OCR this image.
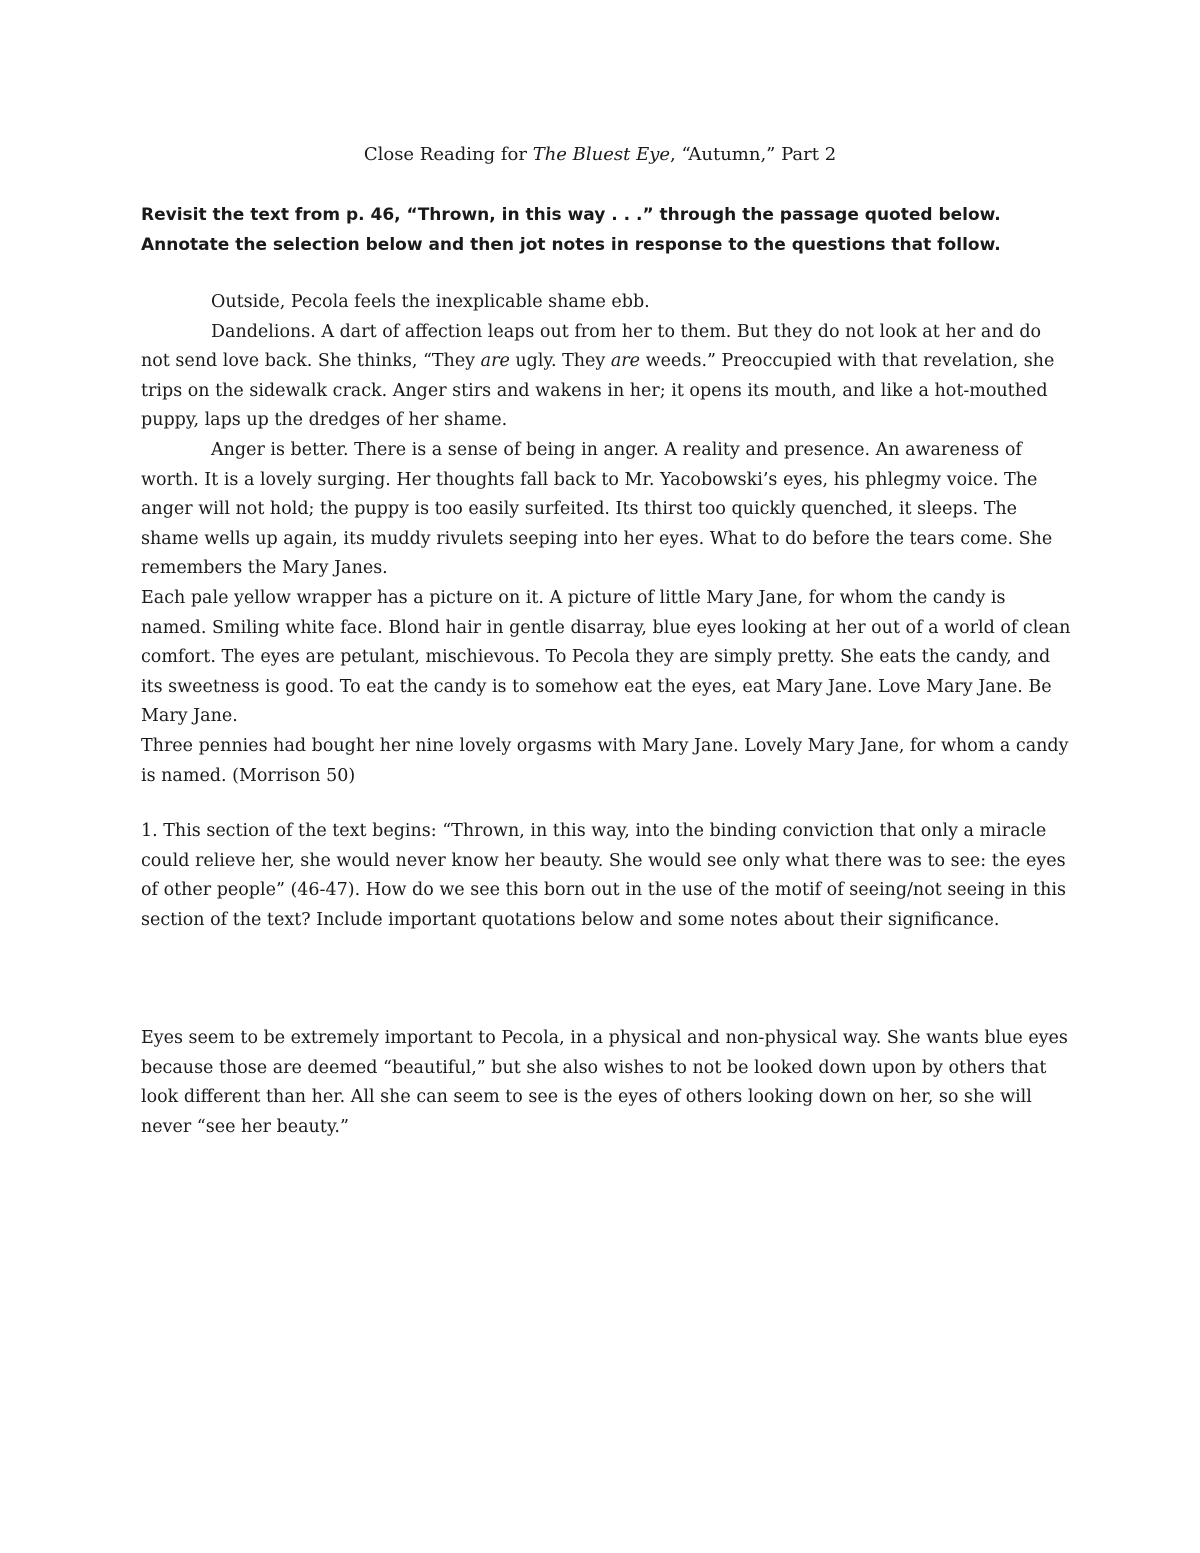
Close Reading for The Bluest Eye, “Autumn,” Part 2
Revisit the text from p. 46, “Thrown, in this way . . .” through the passage quoted below. Annotate the selection below and then jot notes in response to the questions that follow.

Outside, Pecola feels the inexplicable shame ebb.

Dandelions. A dart of affection leaps out from her to them. But they do not look at her and do not send love back. She thinks, “They are ugly. They are weeds.” Preoccupied with that revelation, she trips on the sidewalk crack. Anger stirs and wakens in her; it opens its mouth, and like a hot-mouthed puppy, laps up the dredges of her shame.

Anger is better. There is a sense of being in anger. A reality and presence. An awareness of worth. It is a lovely surging. Her thoughts fall back to Mr. Yacobowski’s eyes, his phlegmy voice. The anger will not hold; the puppy is too easily surfeited. Its thirst too quickly quenched, it sleeps. The shame wells up again, its muddy rivulets seeping into her eyes. What to do before the tears come. She remembers the Mary Janes.

Each pale yellow wrapper has a picture on it. A picture of little Mary Jane, for whom the candy is named. Smiling white face. Blond hair in gentle disarray, blue eyes looking at her out of a world of clean comfort. The eyes are petulant, mischievous. To Pecola they are simply pretty. She eats the candy, and its sweetness is good. To eat the candy is to somehow eat the eyes, eat Mary Jane. Love Mary Jane. Be Mary Jane.

Three pennies had bought her nine lovely orgasms with Mary Jane. Lovely Mary Jane, for whom a candy is named. (Morrison 50)

1. This section of the text begins: “Thrown, in this way, into the binding conviction that only a miracle could relieve her, she would never know her beauty. She would see only what there was to see: the eyes of other people” (46-47). How do we see this born out in the use of the motif of seeing/not seeing in this section of the text? Include important quotations below and some notes about their significance.
Eyes seem to be extremely important to Pecola, in a physical and non-physical way. She wants blue eyes because those are deemed “beautiful,” but she also wishes to not be looked down upon by others that look different than her. All she can seem to see is the eyes of others looking down on her, so she will never “see her beauty.”
